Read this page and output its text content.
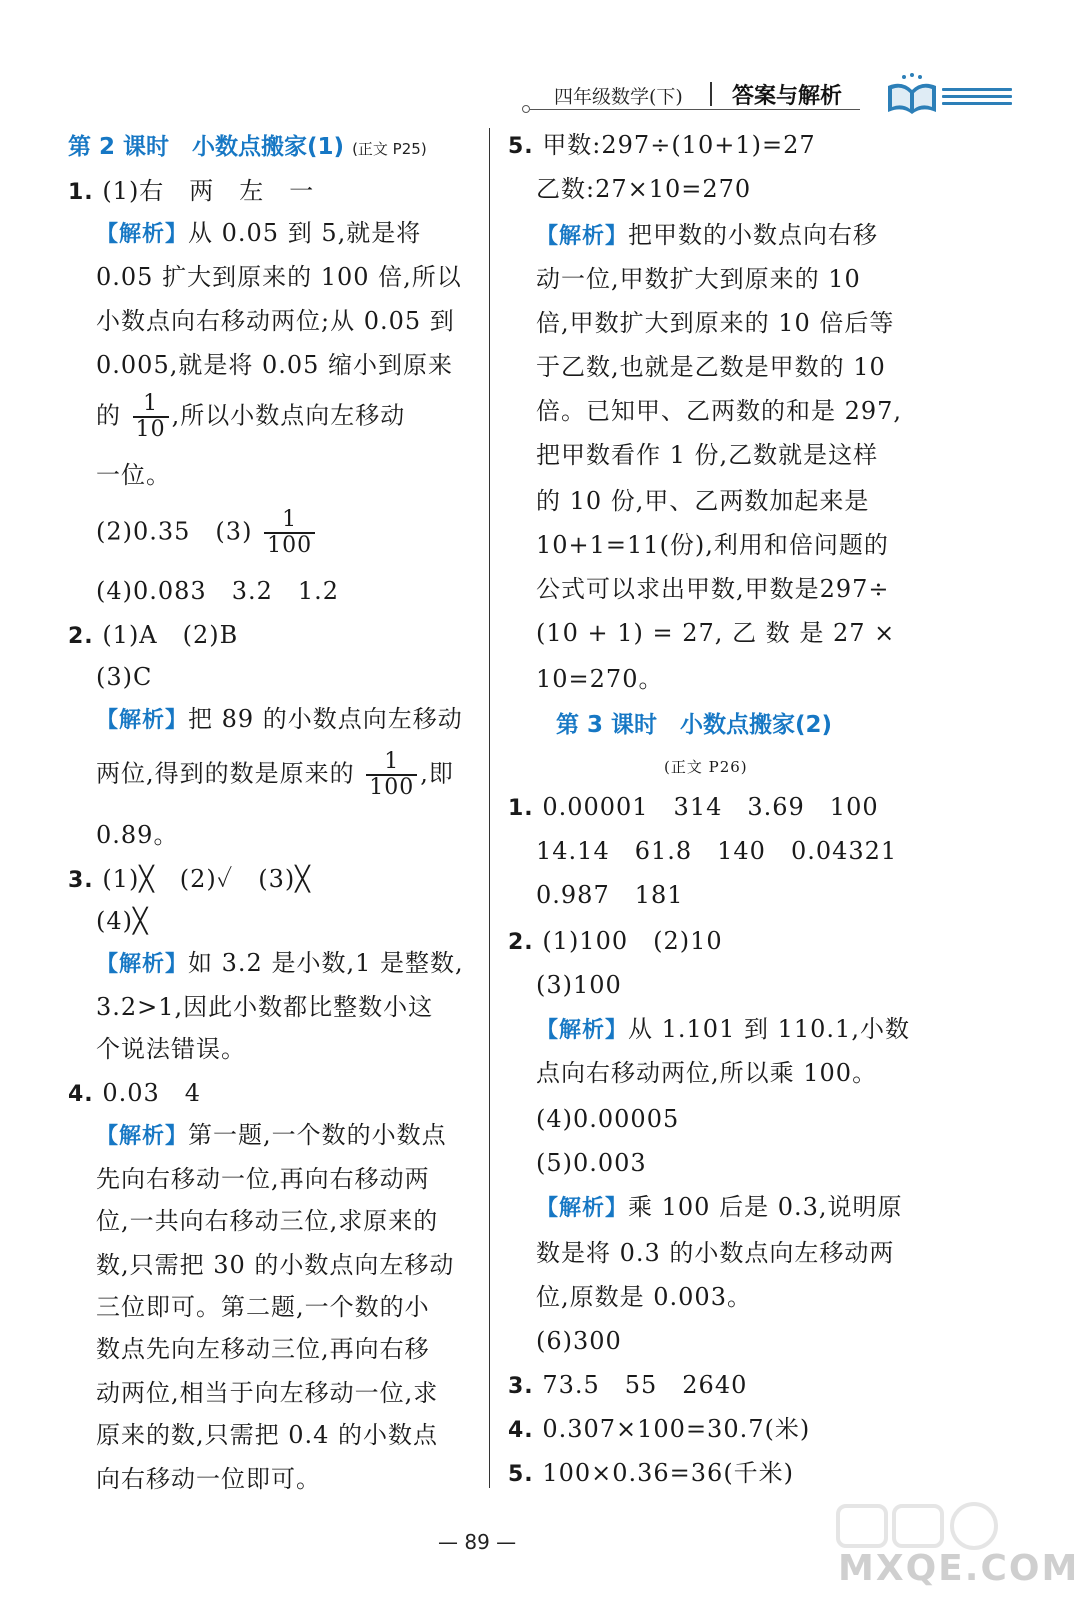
四年级数学(下) 答案与解析
第 2 课时　小数点搬家(1) (正文 P25)
1. (1)右　两　左　一
【解析】从 0.05 到 5,就是将
0.05 扩大到原来的 100 倍,所以
小数点向右移动两位;从 0.05 到
0.005,就是将 0.05 缩小到原来
的 $\frac{1}{10}$ ,所以小数点向左移动
一位。
(2)0.35　$(3) \frac{1}{100}$
(4)0.083　3.2　1.2
2. (1)A　(2)B
(3)C
【解析】把 89 的小数点向左移动
两位,得到的数是原来的 $\frac{1}{100}$ ,即
0.89。
3. (1)╳　(2)✓　(3)╳
(4)╳
【解析】如 3.2 是小数,1 是整数,
3.2>1,因此小数都比整数小这
个说法错误。
4. 0.03　4
【解析】第一题,一个数的小数点
先向右移动一位,再向右移动两
位,一共向右移动三位,求原来的
数,只需把 30 的小数点向左移动
三位即可。第二题,一个数的小
数点先向左移动三位,再向右移
动两位,相当于向左移动一位,求
原来的数,只需把 0.4 的小数点
向右移动一位即可。
5. 甲数:297÷(10+1)=27
乙数:27×10=270
【解析】把甲数的小数点向右移
动一位,甲数扩大到原来的 10
倍,甲数扩大到原来的 10 倍后等
于乙数,也就是乙数是甲数的 10
倍。已知甲、乙两数的和是 297,
把甲数看作 1 份,乙数就是这样
的 10 份,甲、乙两数加起来是
10+1=11(份),利用和倍问题的
公式可以求出甲数,甲数是297÷
(10 + 1) = 27, 乙 数 是 27 ×
10=270。
第 3 课时　小数点搬家(2)
(正文 P26)
1. 0.00001　314　3.69　100
14.14　61.8　140　0.04321
0.987　181
2. (1)100　(2)10
(3)100
【解析】从 1.101 到 110.1,小数
点向右移动两位,所以乘 100。
(4)0.00005
(5)0.003
【解析】乘 100 后是 0.3,说明原
数是将 0.3 的小数点向左移动两
位,原数是 0.003。
(6)300
3. 73.5　55　2640
4. 0.307×100=30.7(米)
5. 100×0.36=36(千米)
— 89 —
MXQE.COM
